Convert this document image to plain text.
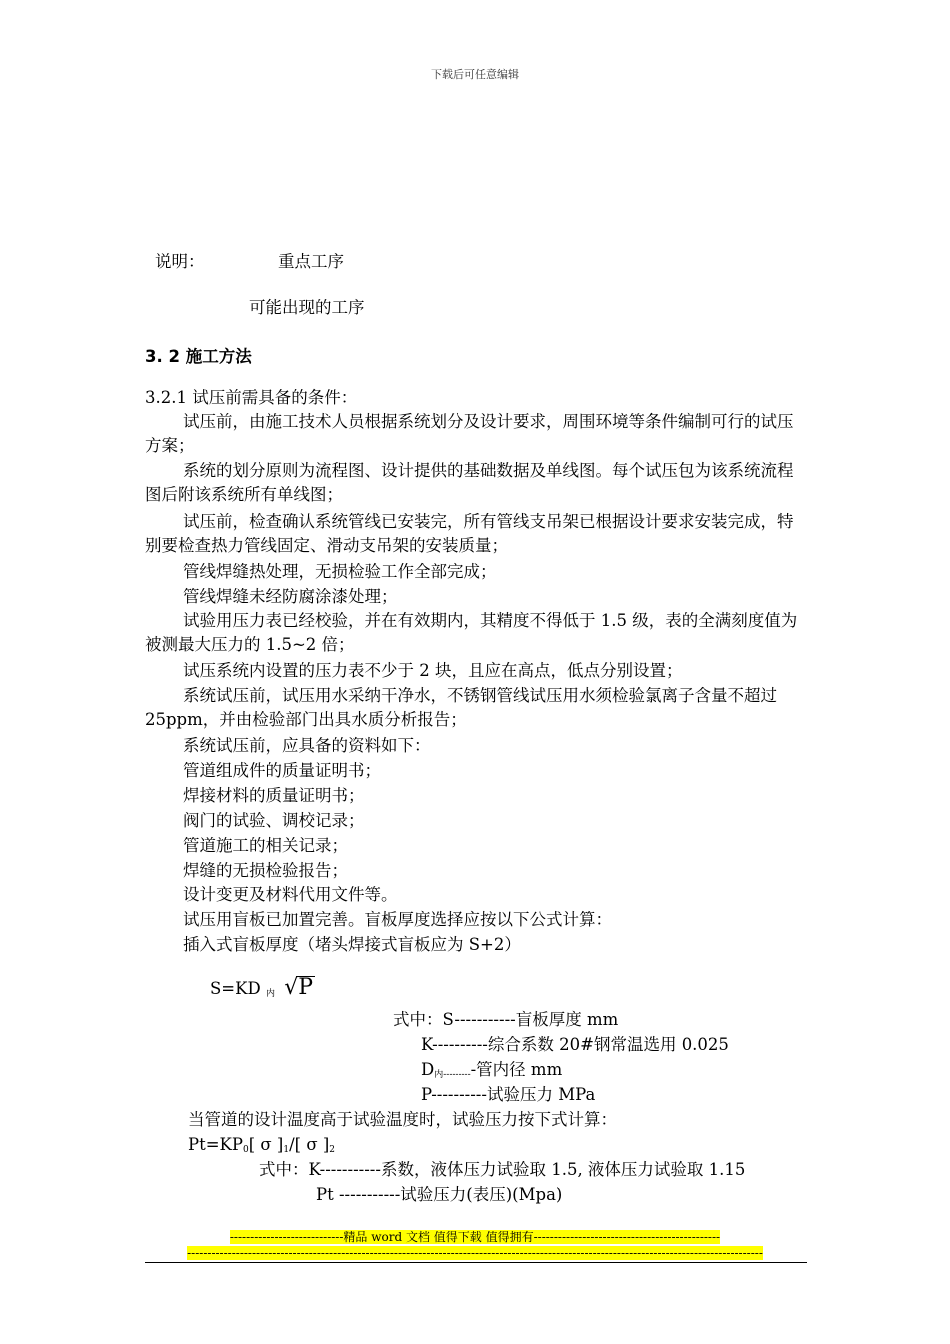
下载后可任意编辑
说明：	重点工序
可能出现的工序
3. 2 施工方法
3.2.1 试压前需具备的条件：
试压前，由施工技术人员根据系统划分及设计要求，周围环境等条件编制可行的试压方案；
系统的划分原则为流程图、设计提供的基础数据及单线图。每个试压包为该系统流程图后附该系统所有单线图；
试压前，检查确认系统管线已安装完，所有管线支吊架已根据设计要求安装完成，特别要检查热力管线固定、滑动支吊架的安装质量；
管线焊缝热处理，无损检验工作全部完成；
管线焊缝未经防腐涂漆处理；
试验用压力表已经校验，并在有效期内，其精度不得低于 1.5 级，表的全满刻度值为被测最大压力的 1.5~2 倍；
试压系统内设置的压力表不少于 2 块，且应在高点，低点分别设置；
系统试压前，试压用水采纳干净水，不锈钢管线试压用水须检验氯离子含量不超过 25ppm，并由检验部门出具水质分析报告；
系统试压前，应具备的资料如下：
管道组成件的质量证明书；
焊接材料的质量证明书；
阀门的试验、调校记录；
管道施工的相关记录；
焊缝的无损检验报告；
设计变更及材料代用文件等。
试压用盲板已加置完善。盲板厚度选择应按以下公式计算：
插入式盲板厚度（堵头焊接式盲板应为 S+2）
S=KD $_内$ √
P
式中：S-----------盲板厚度 mm
K----------综合系数 20#钢常温选用 0.025
$D_{内---------}-$管内径 mm
P----------试验压力 MPa
当管道的设计温度高于试验温度时，试验压力按下式计算：
$Pt=KP_0$[ σ ]$_1/$[ σ ]$_2$
式中：K-----------系数，液体压力试验取 1.5, 液体压力试验取 1.15
Pt -----------试验压力(表压)(Mpa)
----------------------------精品 word 文档 值得下载 值得拥有----------------------------------------------
----------------------------------------------------------------------------------------------------------------------------------------------
